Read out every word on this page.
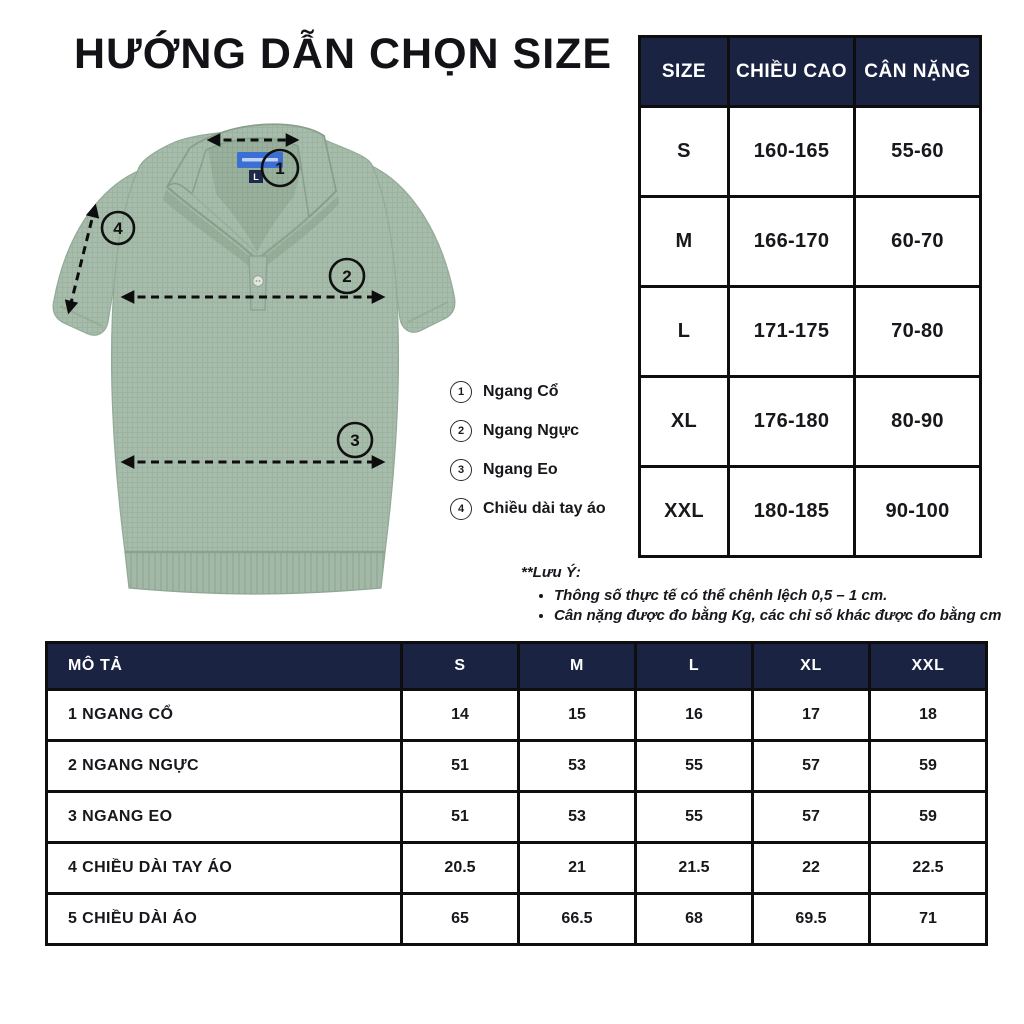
HƯỚNG DẪN CHỌN SIZE
L 1
2
3
4
SIZE	CHIỀU CAO	CÂN NẶNG
S	160-165	55-60
M	166-170	60-70
L	171-175	70-80
XL	176-180	80-90
XXL	180-185	90-100
1	Ngang Cổ
2	Ngang Ngực
3	Ngang Eo
4	Chiều dài tay áo
**Lưu Ý:
• Thông số thực tế có thể chênh lệch 0,5 – 1 cm.
• Cân nặng được đo bằng Kg, các chỉ số khác được đo bằng cm
MÔ TẢ	S	M	L	XL	XXL
1 NGANG CỔ	14	15	16	17	18
2 NGANG NGỰC	51	53	55	57	59
3 NGANG EO	51	53	55	57	59
4 CHIỀU DÀI TAY ÁO	20.5	21	21.5	22	22.5
5 CHIỀU DÀI ÁO	65	66.5	68	69.5	71
